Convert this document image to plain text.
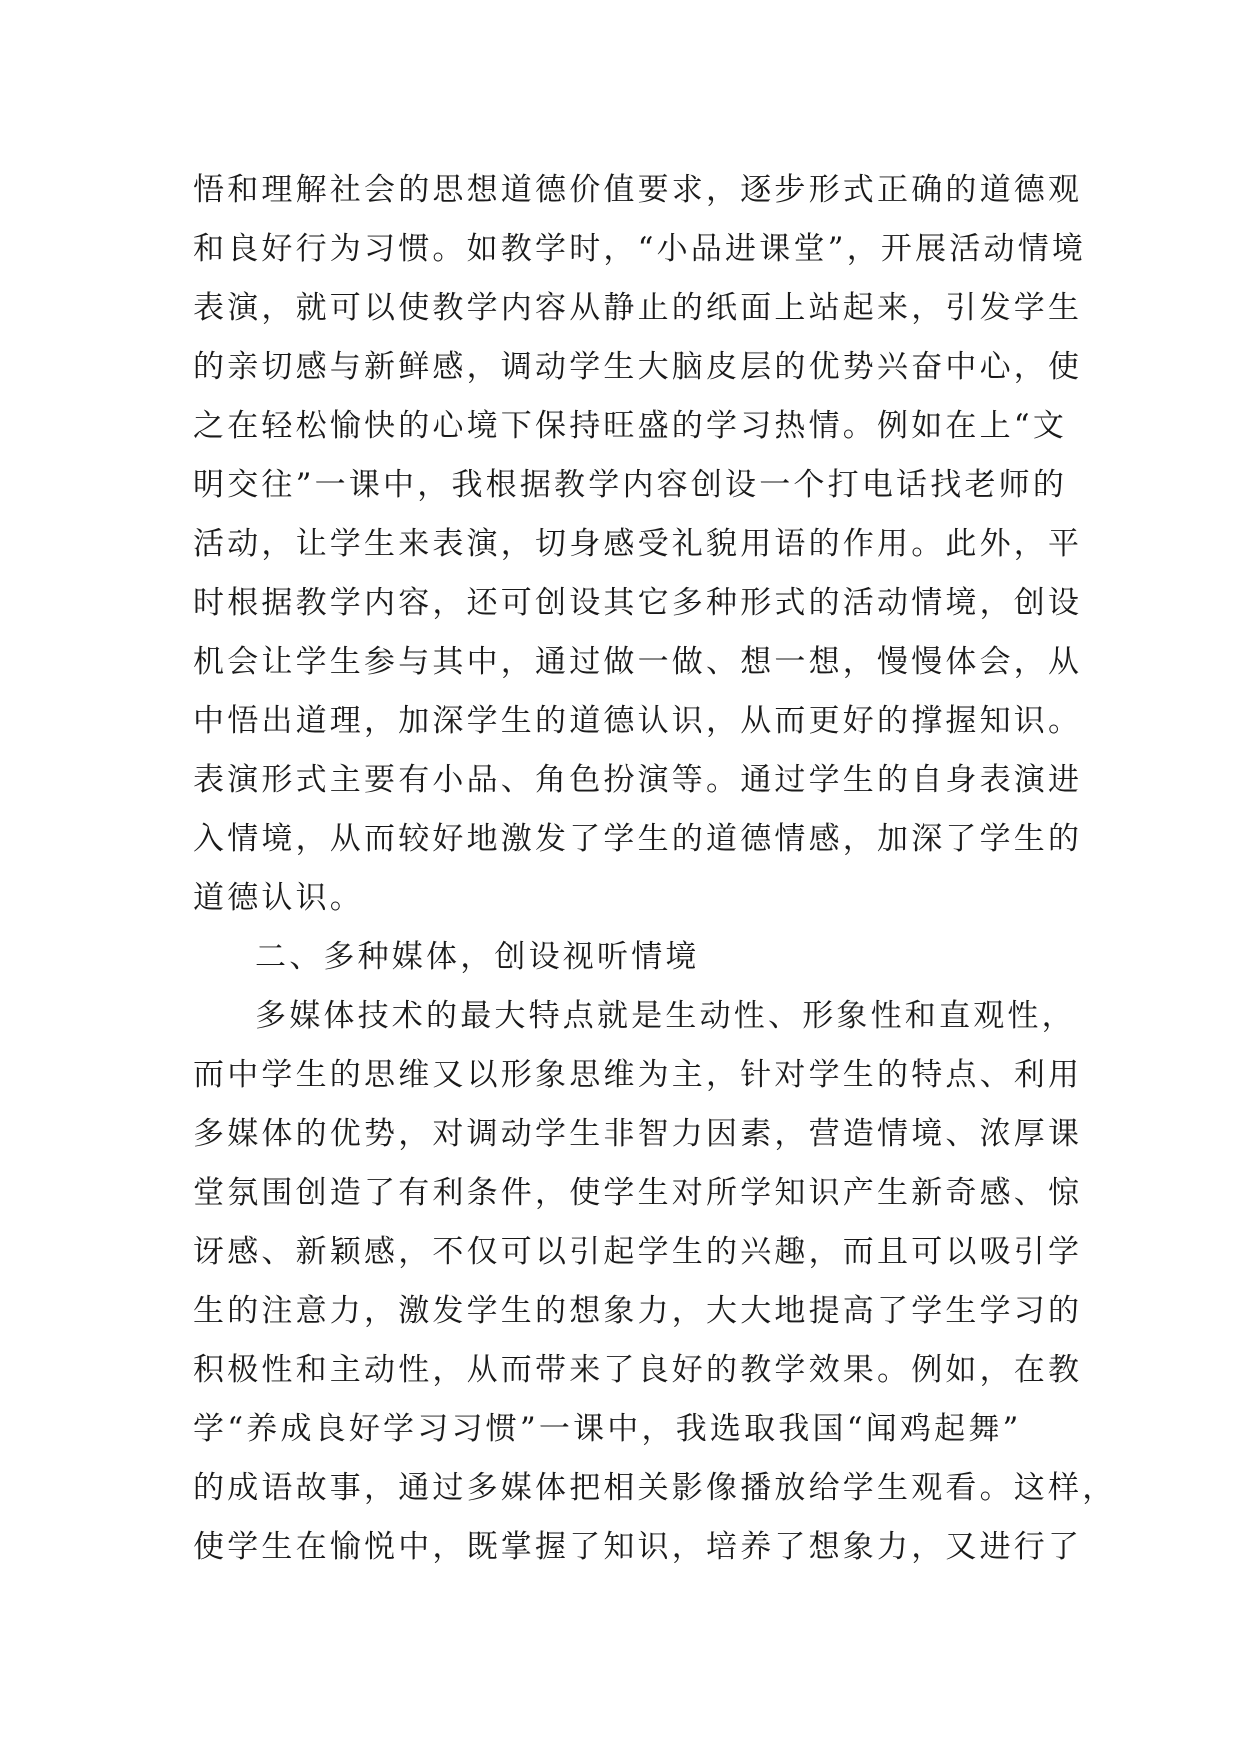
悟和理解社会的思想道德价值要求，逐步形式正确的道德观
和良好行为习惯。如教学时，“小品进课堂”，开展活动情境
表演，就可以使教学内容从静止的纸面上站起来，引发学生
的亲切感与新鲜感，调动学生大脑皮层的优势兴奋中心，使
之在轻松愉快的心境下保持旺盛的学习热情。例如在上“文
明交往”一课中，我根据教学内容创设一个打电话找老师的
活动，让学生来表演，切身感受礼貌用语的作用。此外，平
时根据教学内容，还可创设其它多种形式的活动情境，创设
机会让学生参与其中，通过做一做、想一想，慢慢体会，从
中悟出道理，加深学生的道德认识，从而更好的撑握知识。
表演形式主要有小品、角色扮演等。通过学生的自身表演进
入情境，从而较好地激发了学生的道德情感，加深了学生的
道德认识。
二、多种媒体，创设视听情境
多媒体技术的最大特点就是生动性、形象性和直观性，
而中学生的思维又以形象思维为主，针对学生的特点、利用
多媒体的优势，对调动学生非智力因素，营造情境、浓厚课
堂氛围创造了有利条件，使学生对所学知识产生新奇感、惊
讶感、新颖感，不仅可以引起学生的兴趣，而且可以吸引学
生的注意力，激发学生的想象力，大大地提高了学生学习的
积极性和主动性，从而带来了良好的教学效果。例如，在教
学“养成良好学习习惯”一课中，我选取我国“闻鸡起舞”
的成语故事，通过多媒体把相关影像播放给学生观看。这样，
使学生在愉悦中，既掌握了知识，培养了想象力，又进行了
